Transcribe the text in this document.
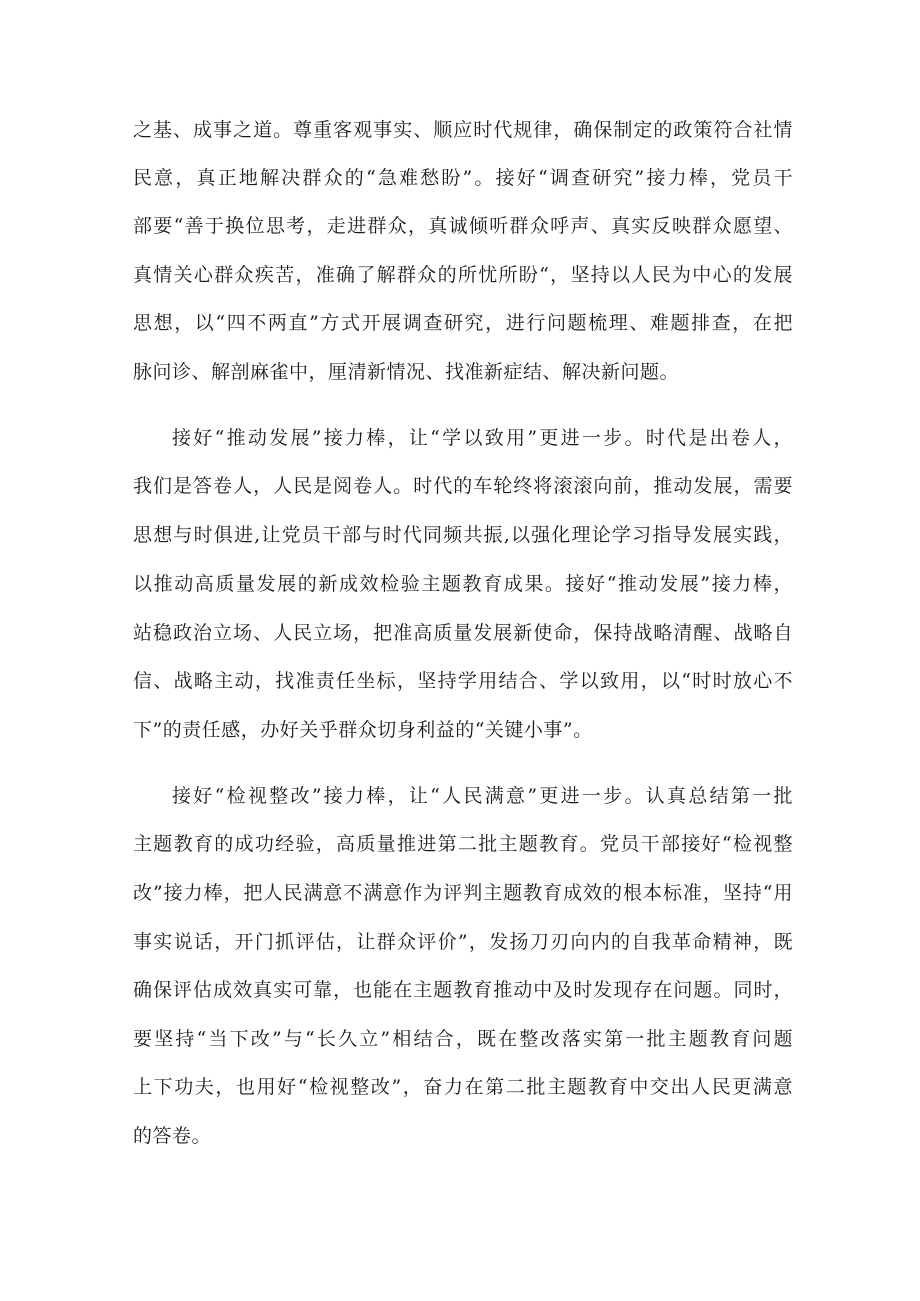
之基、成事之道。尊重客观事实、顺应时代规律，确保制定的政策符合社情

民意，真正地解决群众的“急难愁盼”。接好“调查研究”接力棒，党员干

部要“善于换位思考，走进群众，真诚倾听群众呼声、真实反映群众愿望、

真情关心群众疾苦，准确了解群众的所忧所盼“，坚持以人民为中心的发展

思想，以“四不两直”方式开展调查研究，进行问题梳理、难题排查，在把

脉问诊、解剖麻雀中，厘清新情况、找准新症结、解决新问题。

接好“推动发展”接力棒，让“学以致用”更进一步。时代是出卷人，

我们是答卷人，人民是阅卷人。时代的车轮终将滚滚向前，推动发展，需要

思想与时俱进,让党员干部与时代同频共振,以强化理论学习指导发展实践，

以推动高质量发展的新成效检验主题教育成果。接好“推动发展”接力棒，

站稳政治立场、人民立场，把准高质量发展新使命，保持战略清醒、战略自

信、战略主动，找准责任坐标，坚持学用结合、学以致用，以“时时放心不

下”的责任感，办好关乎群众切身利益的“关键小事”。

接好“检视整改”接力棒，让“人民满意”更进一步。认真总结第一批

主题教育的成功经验，高质量推进第二批主题教育。党员干部接好“检视整

改”接力棒，把人民满意不满意作为评判主题教育成效的根本标准，坚持“用

事实说话，开门抓评估，让群众评价”，发扬刀刃向内的自我革命精神，既

确保评估成效真实可靠，也能在主题教育推动中及时发现存在问题。同时，

要坚持“当下改”与“长久立”相结合，既在整改落实第一批主题教育问题

上下功夫，也用好“检视整改”，奋力在第二批主题教育中交出人民更满意

的答卷。
